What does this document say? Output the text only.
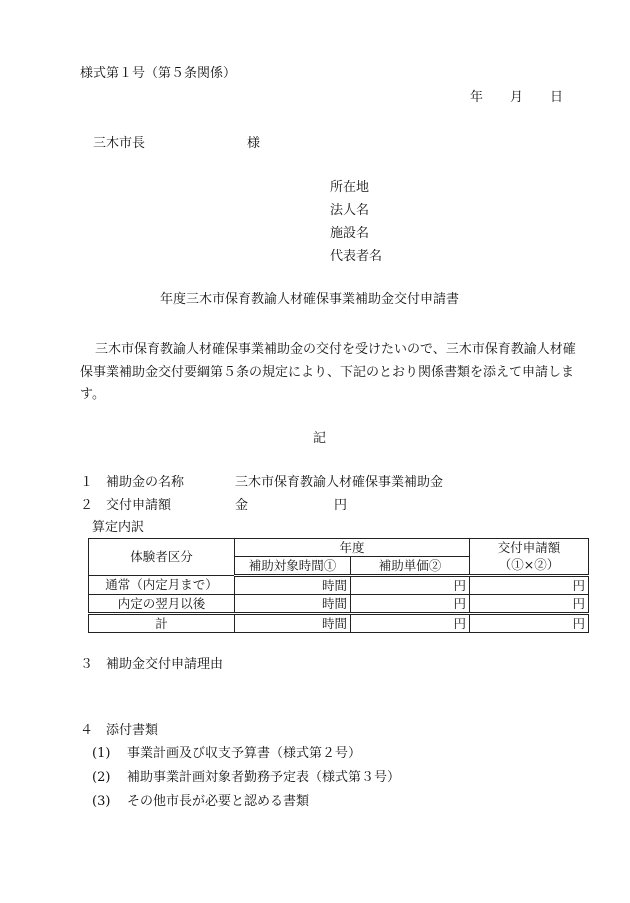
様式第１号（第５条関係）
年 月 日
三木市長	様
所在地
法人名
施設名
代表者名
年度三木市保育教諭人材確保事業補助金交付申請書
三木市保育教諭人材確保事業補助金の交付を受けたいので、三木市保育教諭人材確保事業補助金交付要綱第５条の規定により、下記のとおり関係書類を添えて申請します。
記
１ 補助金の名称	三木市保育教諭人材確保事業補助金
２ 交付申請額	金	円
算定内訳
体験者区分	年度		交付申請額
	補助対象時間①	補助単価②	（①×②）
通常（内定月まで）	時間	円	円
内定の翌月以後	時間	円	円
計	時間	円	円
３ 補助金交付申請理由
４ 添付書類
(1) 事業計画及び収支予算書（様式第２号）
(2) 補助事業計画対象者勤務予定表（様式第３号）
(3) その他市長が必要と認める書類
